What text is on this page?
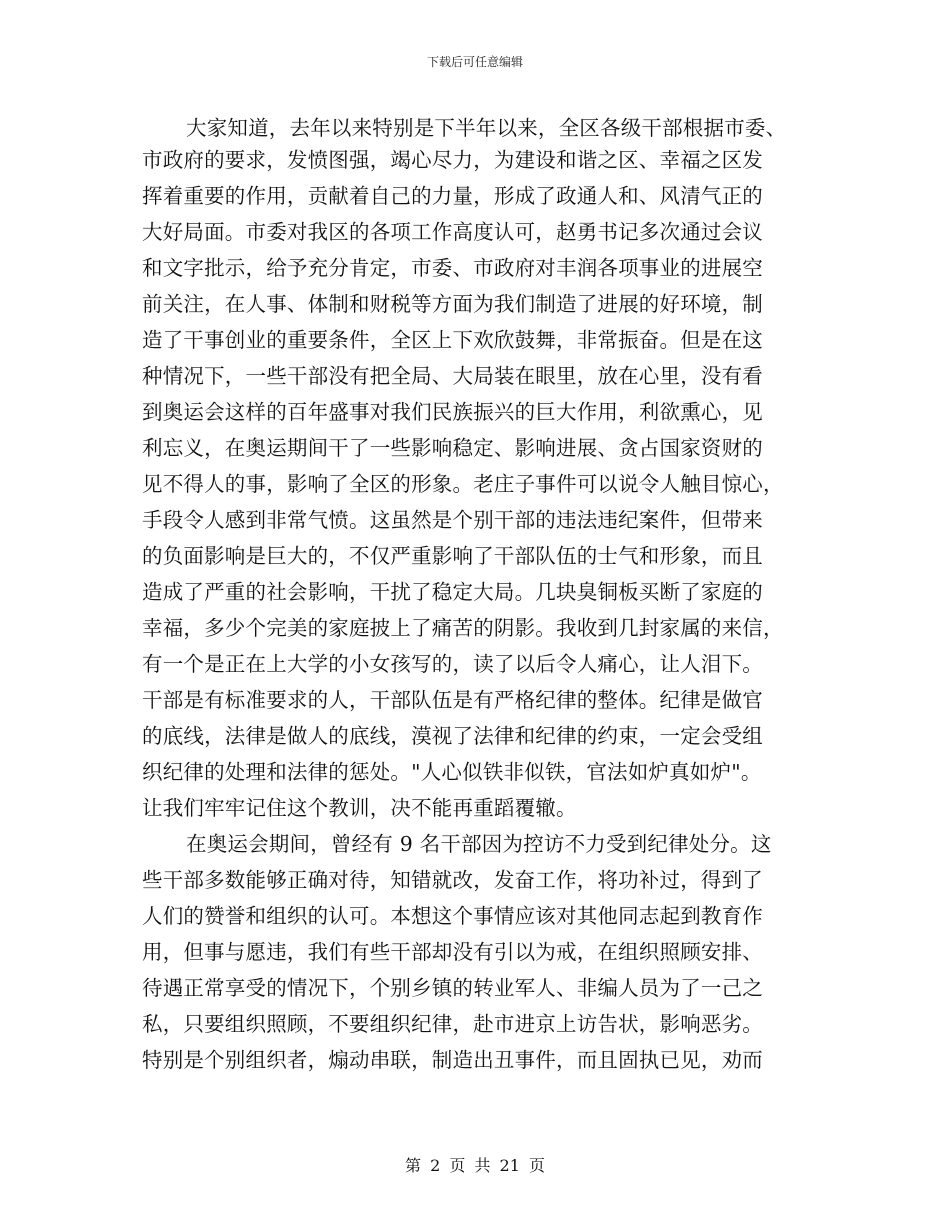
下载后可任意编辑
大家知道，去年以来特别是下半年以来，全区各级干部根据市委、
市政府的要求，发愤图强，竭心尽力，为建设和谐之区、幸福之区发
挥着重要的作用，贡献着自己的力量，形成了政通人和、风清气正的
大好局面。市委对我区的各项工作高度认可，赵勇书记多次通过会议
和文字批示，给予充分肯定，市委、市政府对丰润各项事业的进展空
前关注，在人事、体制和财税等方面为我们制造了进展的好环境，制
造了干事创业的重要条件，全区上下欢欣鼓舞，非常振奋。但是在这
种情况下，一些干部没有把全局、大局装在眼里，放在心里，没有看
到奥运会这样的百年盛事对我们民族振兴的巨大作用，利欲熏心，见
利忘义，在奥运期间干了一些影响稳定、影响进展、贪占国家资财的
见不得人的事，影响了全区的形象。老庄子事件可以说令人触目惊心，
手段令人感到非常气愤。这虽然是个别干部的违法违纪案件，但带来
的负面影响是巨大的，不仅严重影响了干部队伍的士气和形象，而且
造成了严重的社会影响，干扰了稳定大局。几块臭铜板买断了家庭的
幸福，多少个完美的家庭披上了痛苦的阴影。我收到几封家属的来信，
有一个是正在上大学的小女孩写的，读了以后令人痛心，让人泪下。
干部是有标准要求的人，干部队伍是有严格纪律的整体。纪律是做官
的底线，法律是做人的底线，漠视了法律和纪律的约束，一定会受组
织纪律的处理和法律的惩处。"人心似铁非似铁，官法如炉真如炉"。
让我们牢牢记住这个教训，决不能再重蹈覆辙。
在奥运会期间，曾经有 9 名干部因为控访不力受到纪律处分。这
些干部多数能够正确对待，知错就改，发奋工作，将功补过，得到了
人们的赞誉和组织的认可。本想这个事情应该对其他同志起到教育作
用，但事与愿违，我们有些干部却没有引以为戒，在组织照顾安排、
待遇正常享受的情况下，个别乡镇的转业军人、非编人员为了一己之
私，只要组织照顾，不要组织纪律，赴市进京上访告状，影响恶劣。
特别是个别组织者，煽动串联，制造出丑事件，而且固执已见，劝而
第 2 页 共 21 页
